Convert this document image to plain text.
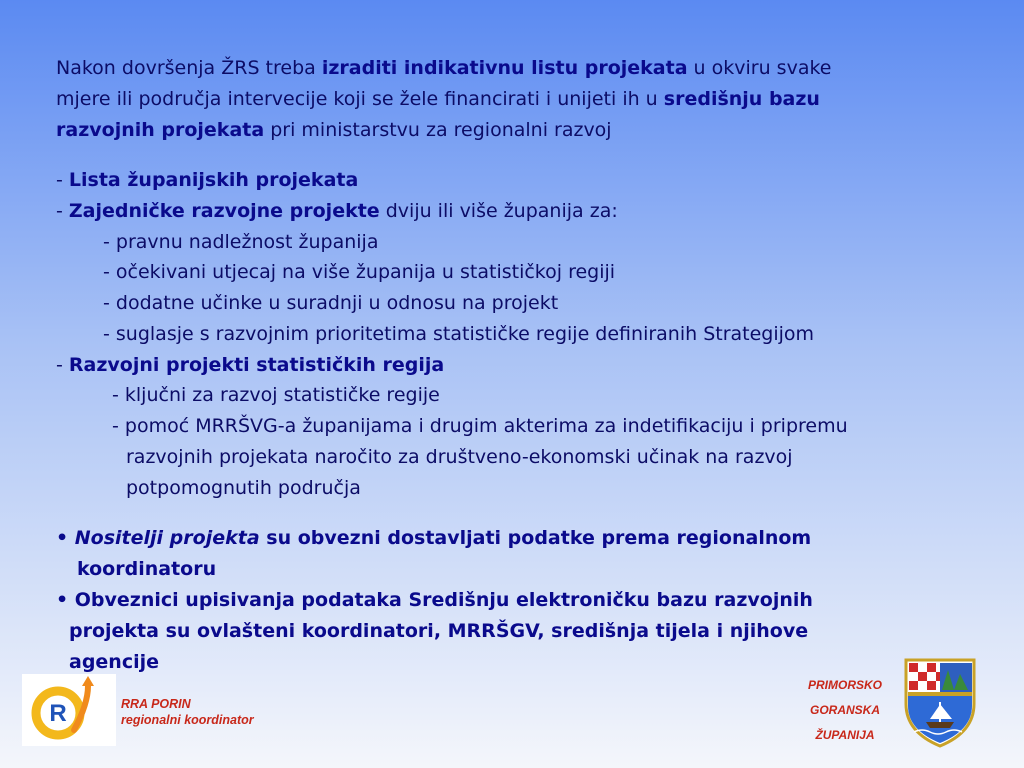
Nakon dovršenja ŽRS treba izraditi indikativnu listu projekata u okviru svake
mjere ili područja intervecije koji se žele financirati i unijeti ih u središnju bazu
razvojnih projekata pri ministarstvu za regionalni razvoj
- Lista županijskih projekata
- Zajedničke razvojne projekte dviju ili više županija za:
- pravnu nadležnost županija
- očekivani utjecaj na više županija u statističkoj regiji
- dodatne učinke u suradnji u odnosu na projekt
- suglasje s razvojnim prioritetima statističke regije definiranih Strategijom
- Razvojni projekti statističkih regija
- ključni za razvoj statističke regije
- pomoć MRRŠVG-a županijama i drugim akterima za indetifikaciju i pripremu
razvojnih projekata naročito za društveno-ekonomski učinak na razvoj
potpomognutih područja
• Nositelji projekta su obvezni dostavljati podatke prema regionalnom
koordinatoru
• Obveznici upisivanja podataka Središnju elektroničku bazu razvojnih
projekta su ovlašteni koordinatori, MRRŠGV, središnja tijela i njihove
agencije
R	RRA PORIN
regionalni koordinator
PRIMORSKO
GORANSKA
ŽUPANIJA
